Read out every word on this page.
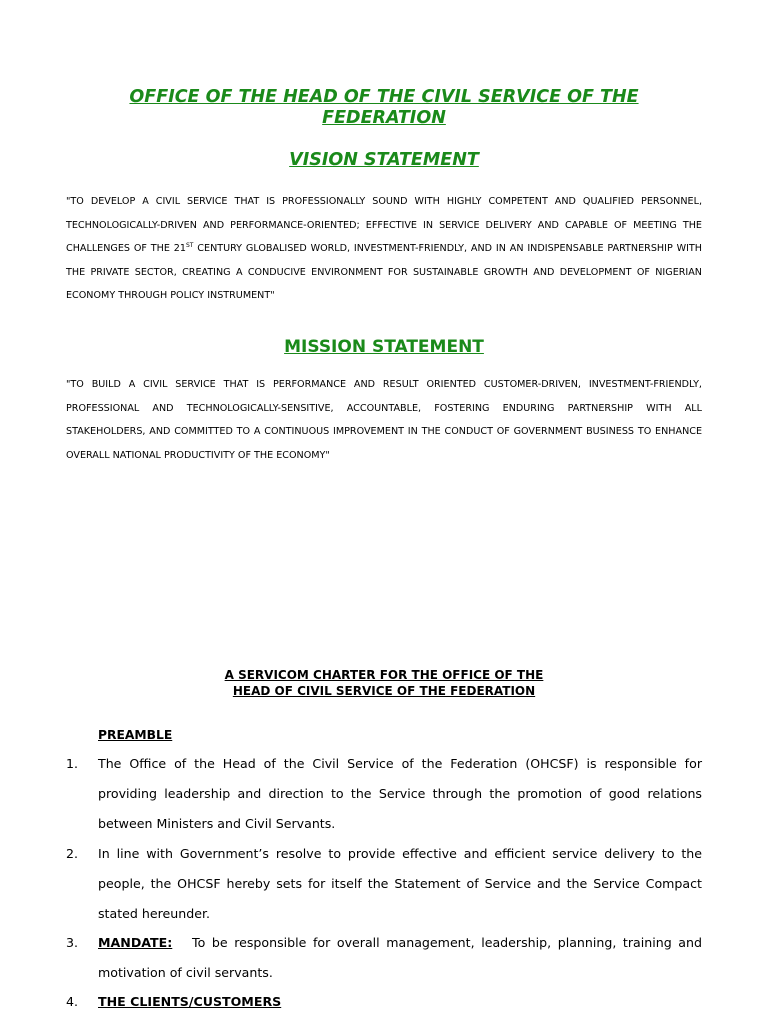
OFFICE OF THE HEAD OF THE CIVIL SERVICE OF THE
FEDERATION
VISION STATEMENT

"TO DEVELOP A CIVIL SERVICE THAT IS PROFESSIONALLY SOUND WITH HIGHLY COMPETENT AND QUALIFIED PERSONNEL, TECHNOLOGICALLY-DRIVEN AND PERFORMANCE-ORIENTED; EFFECTIVE IN SERVICE DELIVERY AND CAPABLE OF MEETING THE CHALLENGES OF THE 21ST CENTURY GLOBALISED WORLD, INVESTMENT-FRIENDLY, AND IN AN INDISPENSABLE PARTNERSHIP WITH THE PRIVATE SECTOR, CREATING A CONDUCIVE ENVIRONMENT FOR SUSTAINABLE GROWTH AND DEVELOPMENT OF NIGERIAN ECONOMY THROUGH POLICY INSTRUMENT"

MISSION STATEMENT

"TO BUILD A CIVIL SERVICE THAT IS PERFORMANCE AND RESULT ORIENTED CUSTOMER-DRIVEN, INVESTMENT-FRIENDLY, PROFESSIONAL AND TECHNOLOGICALLY-SENSITIVE, ACCOUNTABLE, FOSTERING ENDURING PARTNERSHIP WITH ALL STAKEHOLDERS, AND COMMITTED TO A CONTINUOUS IMPROVEMENT IN THE CONDUCT OF GOVERNMENT BUSINESS TO ENHANCE OVERALL NATIONAL PRODUCTIVITY OF THE ECONOMY"

A SERVICOM CHARTER FOR THE OFFICE OF THE
HEAD OF CIVIL SERVICE OF THE FEDERATION

PREAMBLE

1. The Office of the Head of the Civil Service of the Federation (OHCSF) is responsible for providing leadership and direction to the Service through the promotion of good relations between Ministers and Civil Servants.
2. In line with Government’s resolve to provide effective and efficient service delivery to the people, the OHCSF hereby sets for itself the Statement of Service and the Service Compact stated hereunder.
3. MANDATE: To be responsible for overall management, leadership, planning, training and motivation of civil servants.
4. THE CLIENTS/CUSTOMERS
